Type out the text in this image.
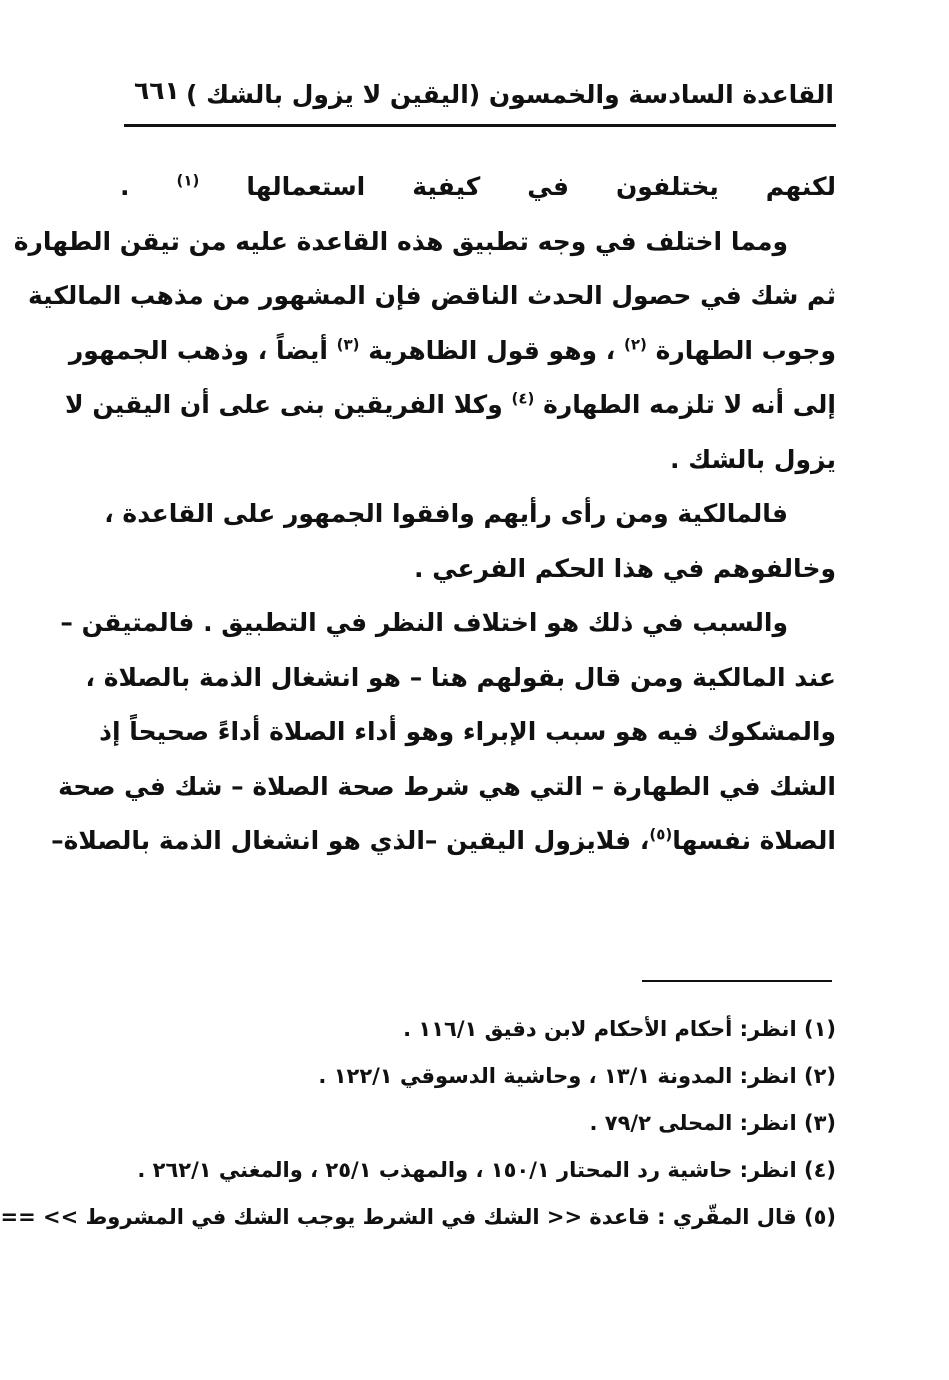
القاعدة السادسة والخمسون (اليقين لا يزول بالشك )
٦٦١
لكنهم يختلفون في كيفية استعمالها $^{(١)}$ .
ومما اختلف في وجه تطبيق هذه القاعدة عليه من تيقن الطهارة
ثم شك في حصول الحدث الناقض فإن المشهور من مذهب المالكية
وجوب الطهارة $^{(٢)}$ ، وهو قول الظاهرية $^{(٣)}$ أيضاً ، وذهب الجمهور
إلى أنه لا تلزمه الطهارة $^{(٤)}$ وكلا الفريقين بنى على أن اليقين لا
يزول بالشك .
فالمالكية ومن رأى رأيهم وافقوا الجمهور على القاعدة ،
وخالفوهم في هذا الحكم الفرعي .
والسبب في ذلك هو اختلاف النظر في التطبيق . فالمتيقن –
عند المالكية ومن قال بقولهم هنا – هو انشغال الذمة بالصلاة ،
والمشكوك فيه هو سبب الإبراء وهو أداء الصلاة أداءً صحيحاً إذ
الشك في الطهارة – التي هي شرط صحة الصلاة – شك في صحة
الصلاة نفسها$^{(٥)}$، فلايزول اليقين –الذي هو انشغال الذمة بالصلاة–
(١) انظر: أحكام الأحكام لابن دقيق ١١٦/١ .
(٢) انظر: المدونة ١٣/١ ، وحاشية الدسوقي ١٢٢/١ .
(٣) انظر: المحلى ٧٩/٢ .
(٤) انظر: حاشية رد المحتار ١٥٠/١ ، والمهذب ٢٥/١ ، والمغني ٢٦٢/١ .
(٥) قال المقّري : قاعدة << الشك في الشرط يوجب الشك في المشروط >> ==
